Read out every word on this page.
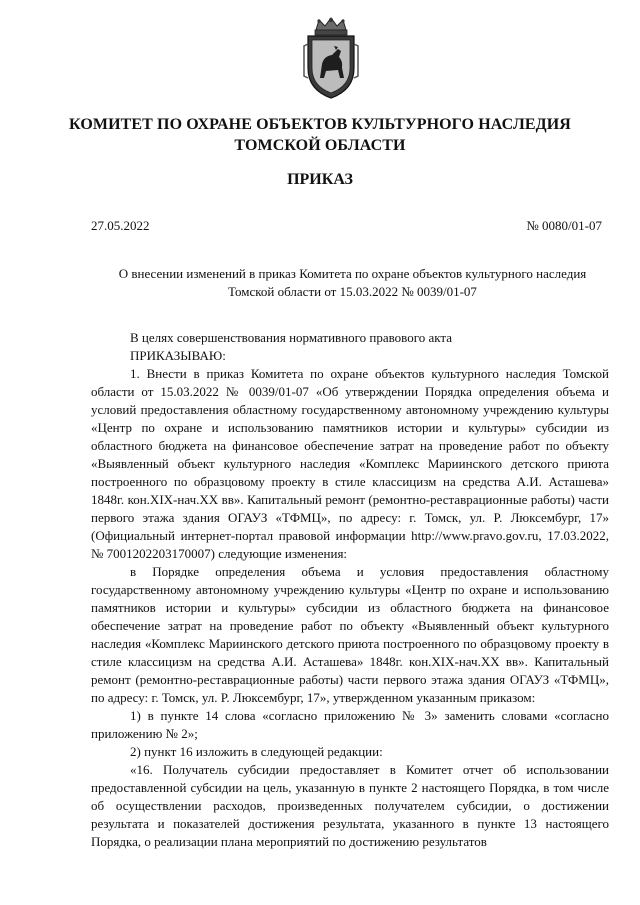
КОМИТЕТ ПО ОХРАНЕ ОБЪЕКТОВ КУЛЬТУРНОГО НАСЛЕДИЯ
ТОМСКОЙ ОБЛАСТИ
ПРИКАЗ
27.05.2022	№ 0080/01-07
О внесении изменений в приказ Комитета по охране объектов культурного наследия
Томской области от 15.03.2022 № 0039/01-07

В целях совершенствования нормативного правового акта

ПРИКАЗЫВАЮ:

1. Внести в приказ Комитета по охране объектов культурного наследия Томской области от 15.03.2022 № 0039/01-07 «Об утверждении Порядка определения объема и условий предоставления областному государственному автономному учреждению культуры «Центр по охране и использованию памятников истории и культуры» субсидии из областного бюджета на финансовое обеспечение затрат на проведение работ по объекту «Выявленный объект культурного наследия «Комплекс Мариинского детского приюта построенного по образцовому проекту в стиле классицизм на средства А.И. Асташева» 1848г. кон.XIX-нач.XX вв». Капитальный ремонт (ремонтно-реставрационные работы) части первого этажа здания ОГАУЗ «ТФМЦ», по адресу: г. Томск, ул. Р. Люксембург, 17» (Официальный интернет-портал правовой информации http://www.pravo.gov.ru, 17.03.2022, № 7001202203170007) следующие изменения:

в Порядке определения объема и условия предоставления областному государственному автономному учреждению культуры «Центр по охране и использованию памятников истории и культуры» субсидии из областного бюджета на финансовое обеспечение затрат на проведение работ по объекту «Выявленный объект культурного наследия «Комплекс Мариинского детского приюта построенного по образцовому проекту в стиле классицизм на средства А.И. Асташева» 1848г. кон.XIX-нач.XX вв». Капитальный ремонт (ремонтно-реставрационные работы) части первого этажа здания ОГАУЗ «ТФМЦ», по адресу: г. Томск, ул. Р. Люксембург, 17», утвержденном указанным приказом:

1) в пункте 14 слова «согласно приложению № 3» заменить словами «согласно приложению № 2»;

2) пункт 16 изложить в следующей редакции:

«16. Получатель субсидии предоставляет в Комитет отчет об использовании предоставленной субсидии на цель, указанную в пункте 2 настоящего Порядка, в том числе об осуществлении расходов, произведенных получателем субсидии, о достижении результата и показателей достижения результата, указанного в пункте 13 настоящего Порядка, о реализации плана мероприятий по достижению результатов
